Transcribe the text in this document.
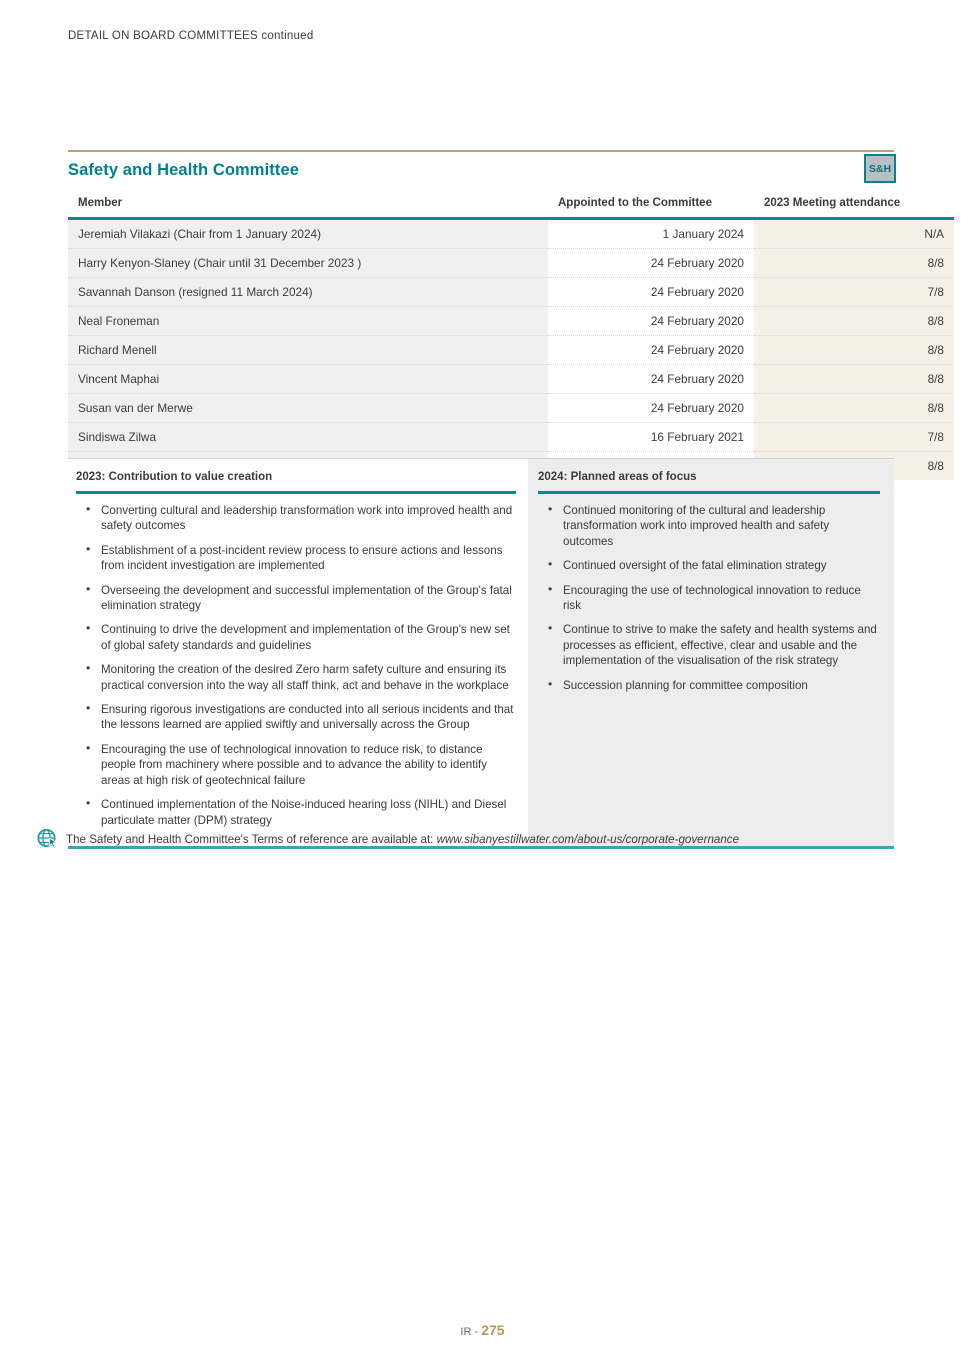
DETAIL ON BOARD COMMITTEES continued
Safety and Health Committee	S&H
Member	Appointed to the Committee	2023 Meeting attendance
Jeremiah Vilakazi (Chair from 1 January 2024)	1 January 2024	N/A
Harry Kenyon-Slaney (Chair until 31 December 2023 )	24 February 2020	8/8
Savannah Danson (resigned 11 March 2024)	24 February 2020	7/8
Neal Froneman	24 February 2020	8/8
Richard Menell	24 February 2020	8/8
Vincent Maphai	24 February 2020	8/8
Susan van der Merwe	24 February 2020	8/8
Sindiswa Zilwa	16 February 2021	7/8
		8/8
2023: Contribution to value creation
• Converting cultural and leadership transformation work into improved health and safety outcomes
• Establishment of a post-incident review process to ensure actions and lessons from incident investigation are implemented
• Overseeing the development and successful implementation of the Group's fatal elimination strategy
• Continuing to drive the development and implementation of the Group's new set of global safety standards and guidelines
• Monitoring the creation of the desired Zero harm safety culture and ensuring its practical conversion into the way all staff think, act and behave in the workplace
• Ensuring rigorous investigations are conducted into all serious incidents and that the lessons learned are applied swiftly and universally across the Group
• Encouraging the use of technological innovation to reduce risk, to distance people from machinery where possible and to advance the ability to identify areas at high risk of geotechnical failure
• Continued implementation of the Noise-induced hearing loss (NIHL) and Diesel particulate matter (DPM) strategy
2024: Planned areas of focus
• Continued monitoring of the cultural and leadership transformation work into improved health and safety outcomes
• Continued oversight of the fatal elimination strategy
• Encouraging the use of technological innovation to reduce risk
• Continue to strive to make the safety and health systems and processes as efficient, effective, clear and usable and the implementation of the visualisation of the risk strategy
• Succession planning for committee composition
The Safety and Health Committee's Terms of reference are available at: www.sibanyestillwater.com/about-us/corporate-governance
IR - 275
